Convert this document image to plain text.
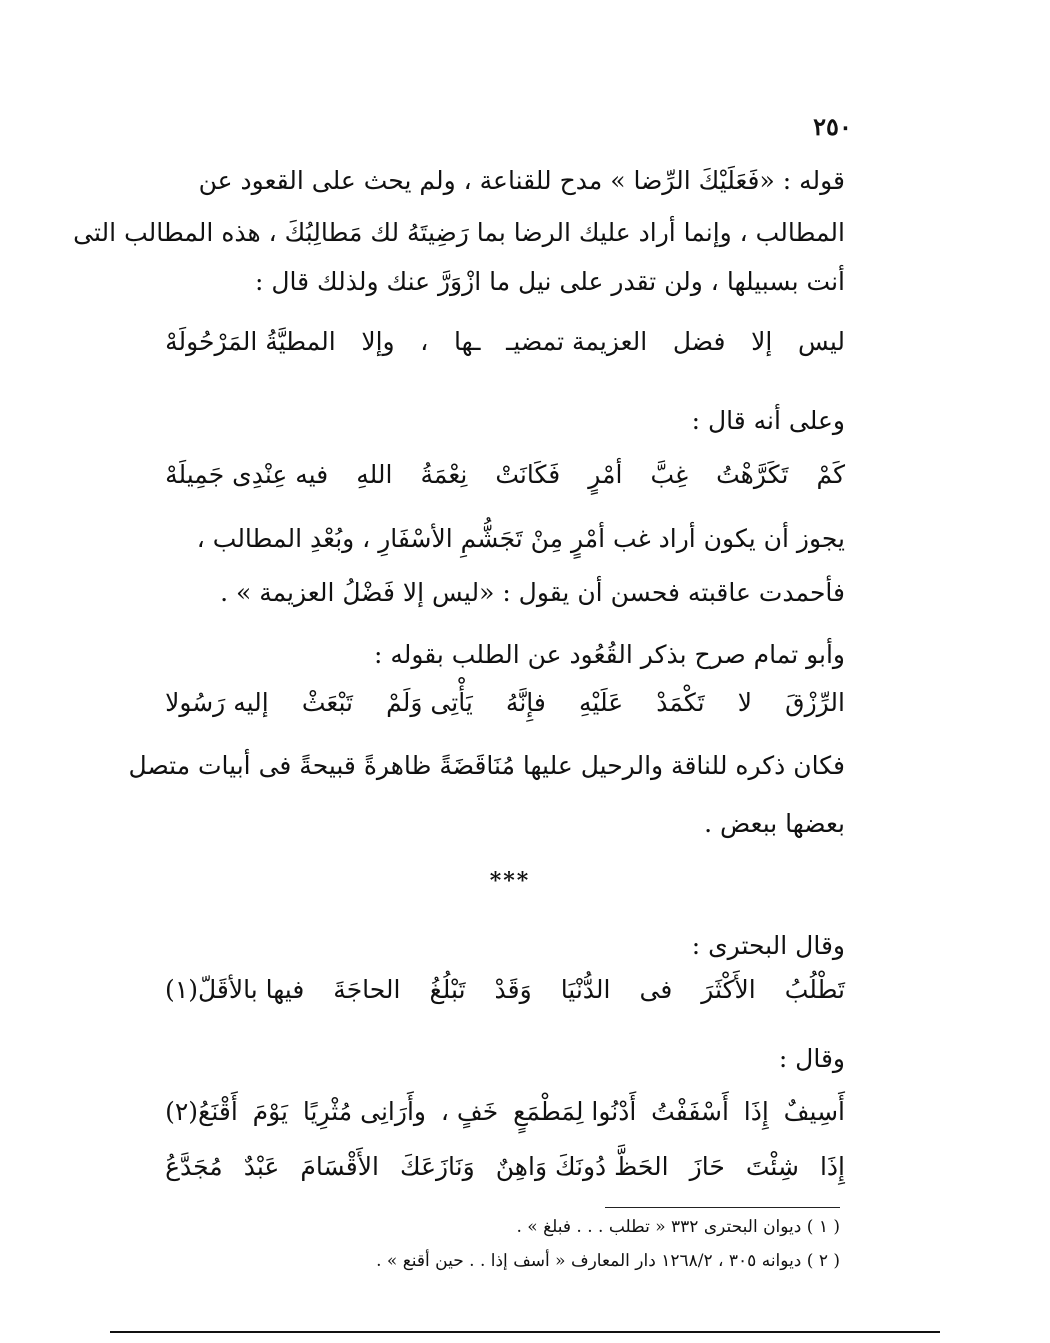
٢٥٠
قوله : «فَعَلَيْكَ الرِّضا » مدح للقناعة ، ولم يحث على القعود عن
المطالب ، وإنما أراد عليك الرضا بما رَضِيتَهُ لك مَطالِبُكَ ، هذه المطالب التى
أنت بسبيلها ، ولن تقدر على نيل ما ازْوَرَّ عنك ولذلك قال :
ليس
إلا
فضل
العزيمة تمضيـ
ـها
،
وإلا
المطيَّةُ المَرْحُولَهْ
وعلى أنه قال :
كَمْ
تَكَرَّهْتُ
غِبَّ
أمْرٍ
فَكَانَتْ
نِعْمَةُ
اللهِ
فيه عِنْدِى جَمِيلَهْ
يجوز أن يكون أراد غب أمْرٍ مِنْ تَجَشُّمِ الأسْفَارِ ، وبُعْدِ المطالب ،
فأحمدت عاقبته فحسن أن يقول : «ليس إلا فَضْلُ العزيمة » .
وأبو تمام صرح بذكر القُعُود عن الطلب بقوله :
الرِّزْقَ
لا
تَكْمَدْ
عَلَيْهِ
فإِنَّهُ
يَأْتِى وَلَمْ
تَبْعَثْ
إليه رَسُولا
فكان ذكره للناقة والرحيل عليها مُنَاقَضَةً ظاهرةً قبيحةً فى أبيات متصل
بعضها ببعض .
***
وقال البحترى :
تَطْلُبُ
الأَكْثَرَ
فى
الدُّنْيَا
وَقَدْ
تَبْلُغُ
الحاجَةَ
فيها بالأقَلّ(١)
وقال :
أَسِيفٌ
إِذَا
أَسْفَفْتُ
أَدْنُوا لِمَطْمَعٍ
خَفٍ ،
وأَرَانِى مُثْرِيًا
يَوْمَ
أَقْنَعُ(٢)
إِذَا
شِئْتَ
حَازَ
الحَظَّ دُونَكَ وَاهِنٌ
وَنَازَعَكَ
الأَقْسَامَ
عَبْدٌ
مُجَدَّعُ
( ١ ) ديوان البحترى ٣٣٢ « تطلب . . . فبلغ » .
( ٢ ) ديوانه ٣٠٥ ، ١٢٦٨/٢ دار المعارف « أسف إذا . . حين أقنع » .
